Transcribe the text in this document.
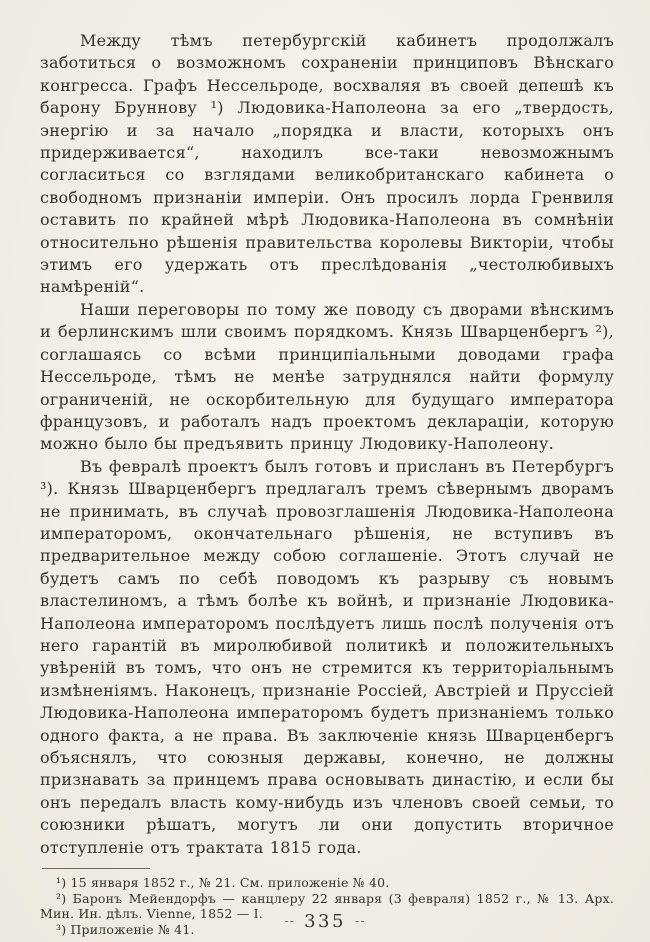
Между тѣмъ петербургскій кабинетъ продолжалъ заботиться о возможномъ сохраненіи принциповъ Вѣнскаго конгресса. Графъ Нессельроде, восхваляя въ своей депешѣ къ барону Бруннову ¹) Людовика-Наполеона за его „твердость, энергію и за начало „порядка и власти, которыхъ онъ придерживается“, находилъ все-таки невозможнымъ согласиться со взглядами великобританскаго кабинета о свободномъ признаніи имперіи. Онъ просилъ лорда Гренвиля оставить по крайней мѣрѣ Людовика-Наполеона въ сомнѣніи относительно рѣшенія правительства королевы Викторіи, чтобы этимъ его удержать отъ преслѣдованія „честолюбивыхъ намѣреній“.

Наши переговоры по тому же поводу съ дворами вѣнскимъ и берлинскимъ шли своимъ порядкомъ. Князь Шварценбергъ ²), соглашаясь со всѣми принципіальными доводами графа Нессельроде, тѣмъ не менѣе затруднялся найти формулу ограниченій, не оскорбительную для будущаго императора французовъ, и работалъ надъ проектомъ деклараціи, которую можно было бы предъявить принцу Людовику-Наполеону.

Въ февралѣ проектъ былъ готовъ и присланъ въ Петербургъ ³). Князь Шварценбергъ предлагалъ тремъ сѣвернымъ дворамъ не принимать, въ случаѣ провозглашенія Людовика-Наполеона императоромъ, окончательнаго рѣшенія, не вступивъ въ предварительное между собою соглашеніе. Этотъ случай не будетъ самъ по себѣ поводомъ къ разрыву съ новымъ властелиномъ, а тѣмъ болѣе къ войнѣ, и признаніе Людовика-Наполеона императоромъ послѣдуетъ лишь послѣ полученія отъ него гарантій въ миролюбивой политикѣ и положительныхъ увѣреній въ томъ, что онъ не стремится къ территоріальнымъ измѣненіямъ. Наконецъ, признаніе Россіей, Австріей и Пруссіей Людовика-Наполеона императоромъ будетъ признаніемъ только одного факта, а не права. Въ заключеніе князь Шварценбергъ объяснялъ, что союзныя державы, конечно, не должны признавать за принцемъ права основывать династію, и если бы онъ передалъ власть кому-нибудь изъ членовъ своей семьи, то союзники рѣшатъ, могутъ ли они допустить вторичное отступленіе отъ трактата 1815 года.

¹) 15 января 1852 г., № 21. См. приложеніе № 40.

²) Баронъ Мейендорфъ — канцлеру 22 января (3 февраля) 1852 г., № 13. Арх. Мин. Ин. дѣлъ. Vienne, 1852 — I.

³) Приложеніе № 41.

-- 335 --
